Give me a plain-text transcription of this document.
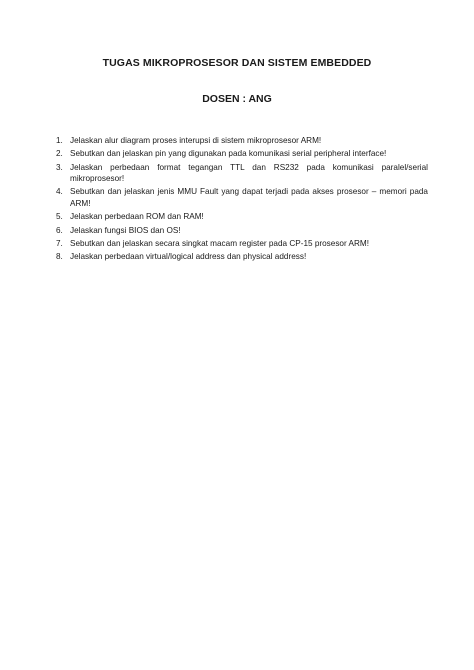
TUGAS MIKROPROSESOR DAN SISTEM EMBEDDED
DOSEN : ANG
1. Jelaskan alur diagram proses interupsi di sistem mikroprosesor ARM!
2. Sebutkan dan jelaskan pin yang digunakan pada komunikasi serial peripheral interface!
3. Jelaskan perbedaan format tegangan TTL dan RS232 pada komunikasi paralel/serial mikroprosesor!
4. Sebutkan dan jelaskan jenis MMU Fault yang dapat terjadi pada akses prosesor – memori pada ARM!
5. Jelaskan perbedaan ROM dan RAM!
6. Jelaskan fungsi BIOS dan OS!
7. Sebutkan dan jelaskan secara singkat macam register pada CP-15 prosesor ARM!
8. Jelaskan perbedaan virtual/logical address dan physical address!
